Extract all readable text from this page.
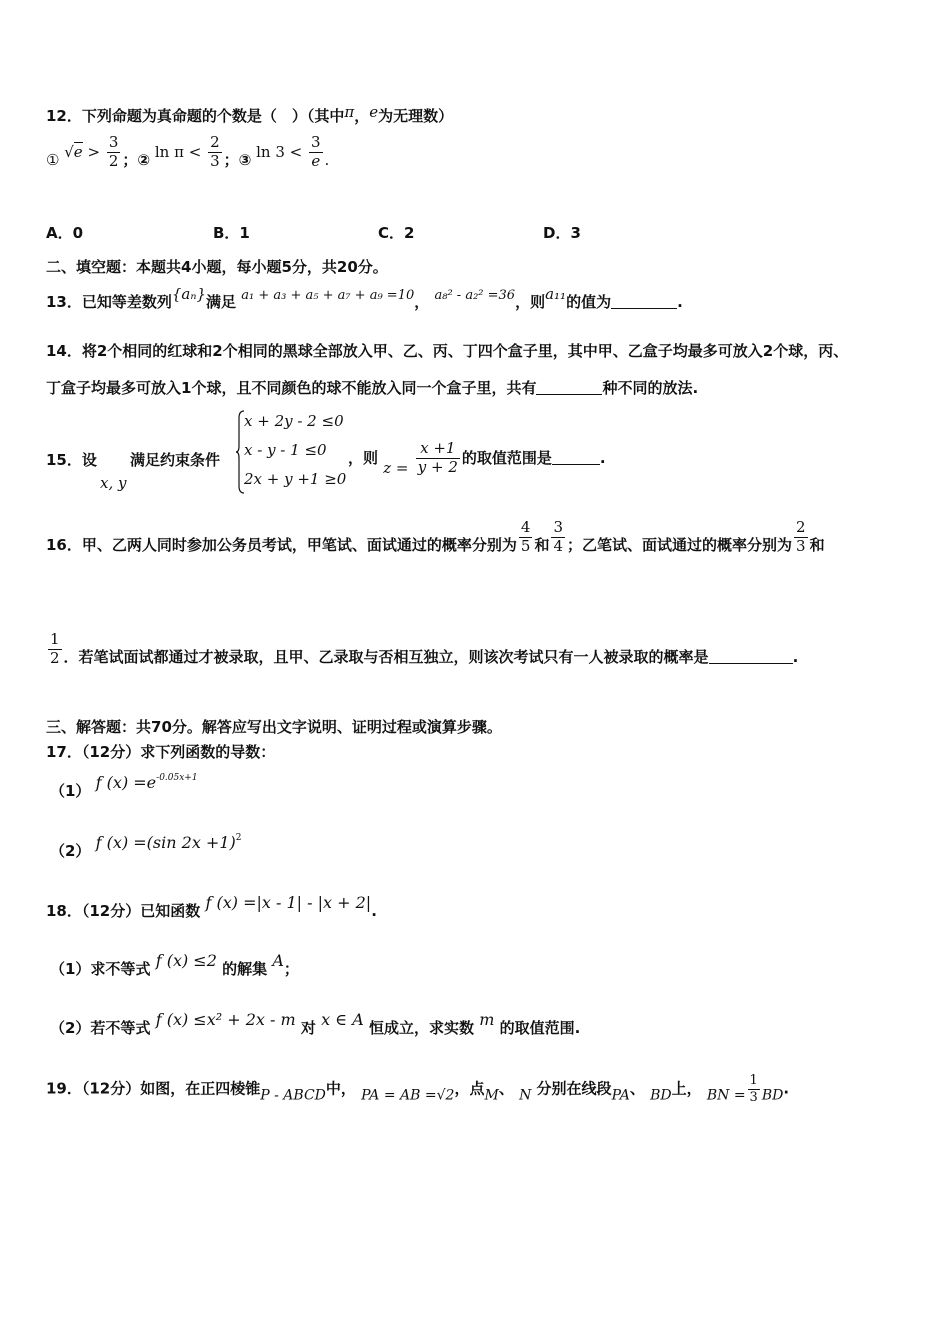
12．下列命题为真命题的个数是（　）（其中π，e为无理数）
① $√e > \frac{3}{2}$ ；② $\ln \pi < \frac{2}{3}$ ；③ $\ln 3 < \frac{3}{e}$ .
A．0	B．1	C．2	D．3
二、填空题：本题共4小题，每小题5分，共20分。
13．已知等差数列{aₙ}满足 a₁ + a₃ + a₅ + a₇ + a₉ =10， a₈² - a₂² =36，则a₁₁的值为	.
14．将2个相同的红球和2个相同的黑球全部放入甲、乙、丙、丁四个盒子里，其中甲、乙盒子均最多可放入2个球，丙、
丁盒子均最多可放入1个球，且不同颜色的球不能放入同一个盒子里，共有	种不同的放法.
15．设 满足约束条件
x, y
x + 2y - 2 ≤0
x - y - 1 ≤0
2x + y +1 ≥0
，则 $z = \frac{x +1}{y + 2}$ 的取值范围是	.
16．甲、乙两人同时参加公务员考试，甲笔试、面试通过的概率分别为 $\frac{4}{5}$ 和 $\frac{3}{4}$ ；乙笔试、面试通过的概率分别为 $\frac{2}{3}$ 和
$\frac{1}{2}$ ．若笔试面试都通过才被录取，且甲、乙录取与否相互独立，则该次考试只有一人被录取的概率是	.
三、解答题：共70分。解答应写出文字说明、证明过程或演算步骤。
17．（12分）求下列函数的导数：
（1） f $(x) =e^{-0.05x+1}$
（2） f (x) =(sin 2x +1)$^2$
18．（12分）已知函数 f (x) =|x - 1| - |x + 2|.
（1）求不等式 f (x) ≤2 的解集 A；
（2）若不等式 f (x) ≤x² + 2x - m 对 x ∈ A 恒成立，求实数 m 的取值范围.
19．（12分）如图，在正四棱锥P - ABCD中， PA = AB =√2，点M、 N 分别在线段PA、 BD上， BN = $\frac{1}{3}$ BD.
